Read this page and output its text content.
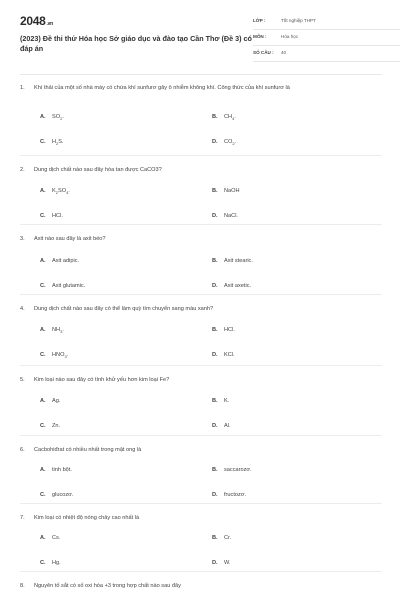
2048.vn
(2023) Đề thi thử Hóa học Sở giáo dục và đào tạo Cần Thơ (Đề 3) có đáp án
LỚP :	Tốt nghiệp THPT
MÔN :	Hóa học
SỐ CÂU : 40
1. Khí thải của một số nhà máy có chứa khí sunfurơ gây ô nhiễm không khí. Công thức của khí sunfurơ là
2. Dung dịch chất nào sau đây hòa tan được CaCO3?
3. Axit nào sau đây là axit béo?
4. Dung dịch chất nào sau đây có thể làm quỳ tím chuyển sang màu xanh?
5. Kim loại nào sau đây có tính khử yếu hơn kim loại Fe?
6. Cacbohiđrat có nhiều nhất trong mật ong là
7. Kim loại có nhiệt độ nóng chảy cao nhất là
8. Nguyên tố sắt có số oxi hóa +3 trong hợp chất nào sau đây
A. $SO_2$.	B. $CH_4$.
C. $H_2S$.	D. $CO_2$.
A. $K_2SO_4$.	B. NaOH
C. HCl.	D. NaCl.
A. Axit adipic.	B. Axit stearic.
C. Axit glutamic.	D. Axit axetic.
A. $NH_3$.	B. HCl.
C. $HNO_3$.	D. KCl.
A. Ag.	B. K.
C. Zn.	D. Al.
A. tinh bột.	B. saccarozơ.
C. glucozơ.	D. fructozơ.
A. Cs.	B. Cr.
C. Hg.	D. W.
